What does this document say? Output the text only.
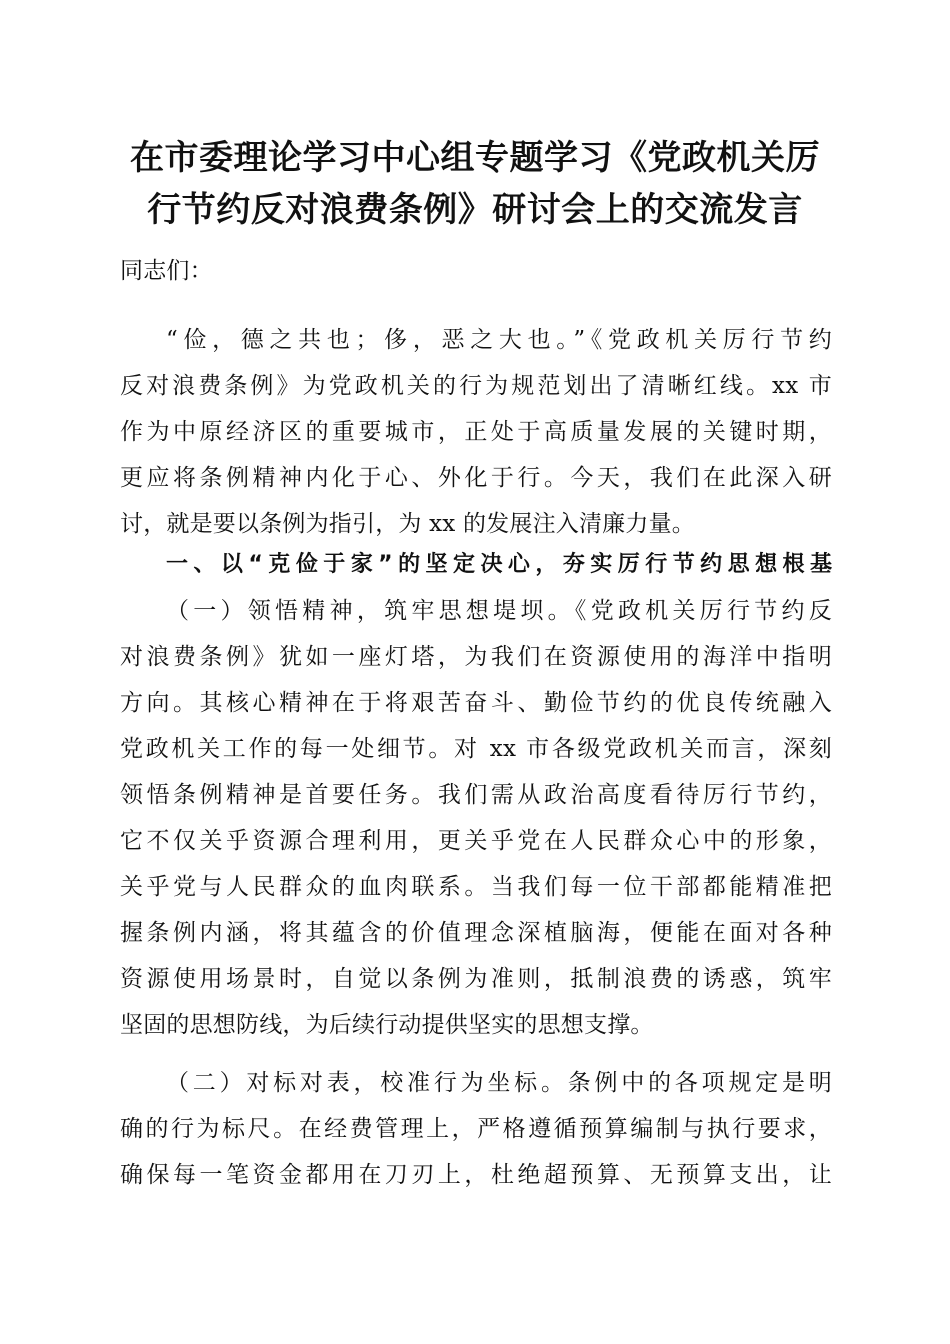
在市委理论学习中心组专题学习《党政机关厉
行节约反对浪费条例》研讨会上的交流发言
同志们：
“俭，德之共也；侈，恶之大也。”《党政机关厉行节约
反对浪费条例》为党政机关的行为规范划出了清晰红线。xx 市
作为中原经济区的重要城市，正处于高质量发展的关键时期，
更应将条例精神内化于心、外化于行。今天，我们在此深入研
讨，就是要以条例为指引，为 xx 的发展注入清廉力量。
一、以“克俭于家”的坚定决心，夯实厉行节约思想根基
（一）领悟精神，筑牢思想堤坝。《党政机关厉行节约反
对浪费条例》犹如一座灯塔，为我们在资源使用的海洋中指明
方向。其核心精神在于将艰苦奋斗、勤俭节约的优良传统融入
党政机关工作的每一处细节。对 xx 市各级党政机关而言，深刻
领悟条例精神是首要任务。我们需从政治高度看待厉行节约，
它不仅关乎资源合理利用，更关乎党在人民群众心中的形象，
关乎党与人民群众的血肉联系。当我们每一位干部都能精准把
握条例内涵，将其蕴含的价值理念深植脑海，便能在面对各种
资源使用场景时，自觉以条例为准则，抵制浪费的诱惑，筑牢
坚固的思想防线，为后续行动提供坚实的思想支撑。
（二）对标对表，校准行为坐标。条例中的各项规定是明
确的行为标尺。在经费管理上，严格遵循预算编制与执行要求，
确保每一笔资金都用在刀刃上，杜绝超预算、无预算支出，让
